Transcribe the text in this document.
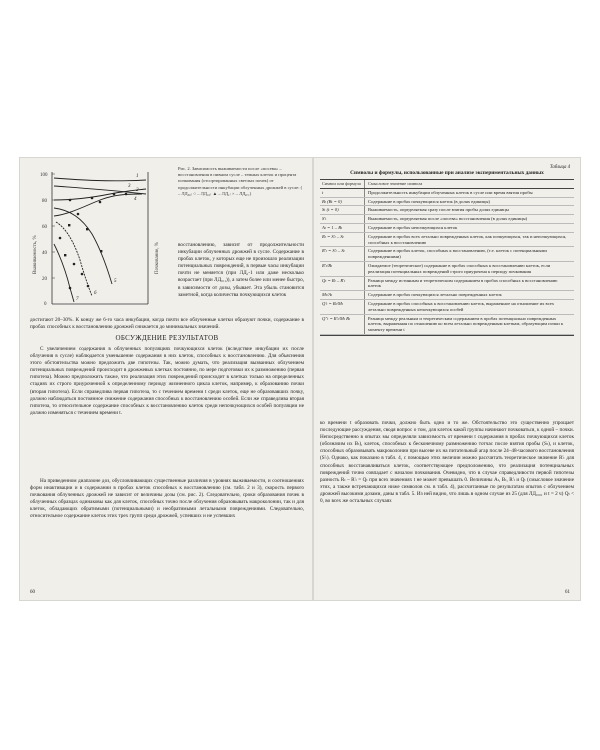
100
80
60
40
20
0
Выживаемость, %	Почкование, %
1
2
3
4
5
6
7
Рис. 2. Зависимость выживаемости после «посева» – восстановления в пивном сусле – темных клеток и процента почкования (отсортированных светлых почек) от продолжительности инкубации облученных дрожжей в сусле: ( – ЛД₅₀; ○ – ЛД₁₀; ▲ – ЛД₁; × – ЛД₀,₁)
восстановлению, зависит от продолжительности инкубации облученных дрожжей в сусле. Содержание в пробах клеток, у которых еще не произошло реализации потенциальных повреждений, в первые часы инкубации почти не меняется (при ЛД₁-1 или даже несколько возрастает (при ЛД₀,₁)), а затем более или менее быстро, в зависимости от дозы, убывает. Эта убыль становится заметной, когда количества почкующихся клеток
достигают 20–30%. К концу же 6-го часа инкубации, когда почти все облученные клетки образуют почки, содержание в пробах способных к восстановлению дрожжей снижается до минимальных значений.
ОБСУЖДЕНИЕ РЕЗУЛЬТАТОВ
С увеличением содержания в облученных популяциях почкующихся клеток (вследствие инкубации их после облучения в сусле) наблюдается уменьшение содержания в них клеток, способных к восстановлению. Для объяснения этого обстоятельства можно предложить две гипотезы. Так, можно думать, что реализация вызванных облучением потенциальных повреждений происходит в дрожжевых клетках постоянно, по мере подготовки их к размножению (первая гипотеза). Можно предположить также, что реализация этих повреждений происходит в клетках только на определенных стадиях их строго приуроченной к определенному периоду жизненного цикла клеток, например, к образованию почки (вторая гипотеза). Если справедлива первая гипотеза, то с течением времени t среди клеток, еще не образовавших почку, должно наблюдаться постоянное снижение содержания способных к восстановлению особей. Если же справедлива вторая гипотеза, то относительное содержание способных к восстановлению клеток среди непочкующихся особей популяции не должно изменяться с течением времени t.
На приведенном диапазоне доз, обусловливающих существенные различия в уровнях выживаемости, и соотношениях форм инактивации и в содержании в пробах клеток способных к восстановлению (см. табл. 2 и 3), скорость первого почкования облученных дрожжей не зависит от величины дозы (см. рис. 2). Следовательно, сроки образования почек в облученных образцах одинаковы как для клеток, способных точно после облучения образовывать макроколонии, так и для клеток, обладающих обратимыми (потенциальными) и необратимыми летальными повреждениями. Следовательно, относительное содержание клеток этих трех групп среди дрожжей, успевших и не успевших
60
Таблица 4
Символы и формулы, использованные при анализе экспериментальных данных
Символ или формула	Смысловое значение символа
t	Продолжительность инкубации облученных клеток в сусле или время взятия пробы
Bₜ (Bₜ = 0)	Содержание в пробах почкующихся клеток (в долях единицы)
Sₜ (t = 0)	Выживаемость, определяемая сразу после взятия пробы долях единицы
S'ₜ	Выживаемость, определяемая после «посева» восстановления (в долях единицы)
Aₜ = 1 – Bₜ	Содержание в пробах непочкующихся клеток
Rₜ = S'ₜ – Sₜ	Содержание в пробах всех летально поврежденных клеток, как почкующихся, так и непочкующихся, способных к восстановлению
R'ₜ = S'ₜ – Sₜ	Содержание в пробах клеток, способных к восстановлению, (т.е. клеток с потенциальными повреждениями)
R'ₜ/Bₜ	Ожидаемое (теоретическое) содержание в пробах способных к восстановлению клеток, если реализация потенциальных повреждений строго приурочена к периоду почкования
Qₜ = Rₜ – R'ₜ	Разница между истинным и теоретическим содержанием в пробах способных к восстановлению клеток
Mₜ/Aₜ	Содержание в пробах почкующихся летально поврежденных клеток
Q'ₜ = Rₜ/Mₜ	Содержание в пробах способных к восстановлению клеток, выраженное на отношение их всех летально поврежденных непочкующихся особей
Q''ₜ = R'ₜ/Mₜ Bₜ	Разница между реальным и теоретическим содержанием в пробах потенциально поврежденных клеток, выраженная по отношению ко всем летально поврежденным клеткам, образующим почки к моменту времени t
ко времени t образовать почки, должно быть одно и то же. Обстоятельство это существенно упрощает последующие рассуждения, сводя вопрос о том, для клеток какой группы начинают почковаться, к одной – почки. Непосредственно в опытах мы определяли зависимость от времени t содержания в пробах почкующихся клеток (обозначим их Bₜ), клеток, способных к бесконечному размножению тотчас после взятия пробы (Sₜ), и клеток, способных образовывать макроколонии при высеве их на питательный агар после 24–48-часового восстановления (S'ₜ). Однако, как показано в табл. 4, с помощью этих величин можно рассчитать теоретическое значение R'ₜ для способных восстанавливаться клеток, соответствующее предположению, что реализация потенциальных повреждений точно совпадает с началом почкования. Очевидно, что в случае справедливости первой гипотезы разность Rₜ – R'ₜ = Qₜ при всех значениях t не может превышать 0. Величины Aₜ, Bₜ, R'ₜ и Qₜ (смысловое значение этих, а также встречающихся ниже символов см. в табл. 4), рассчитанные по результатам опытов с облучением дрожжей высокими дозами, даны в табл. 5. Из ней видно, что лишь в одном случае из 25 (для ЛД₀,₀₁ и t = 2 ч) Qₜ < 0, во всех же остальных случаях
61
